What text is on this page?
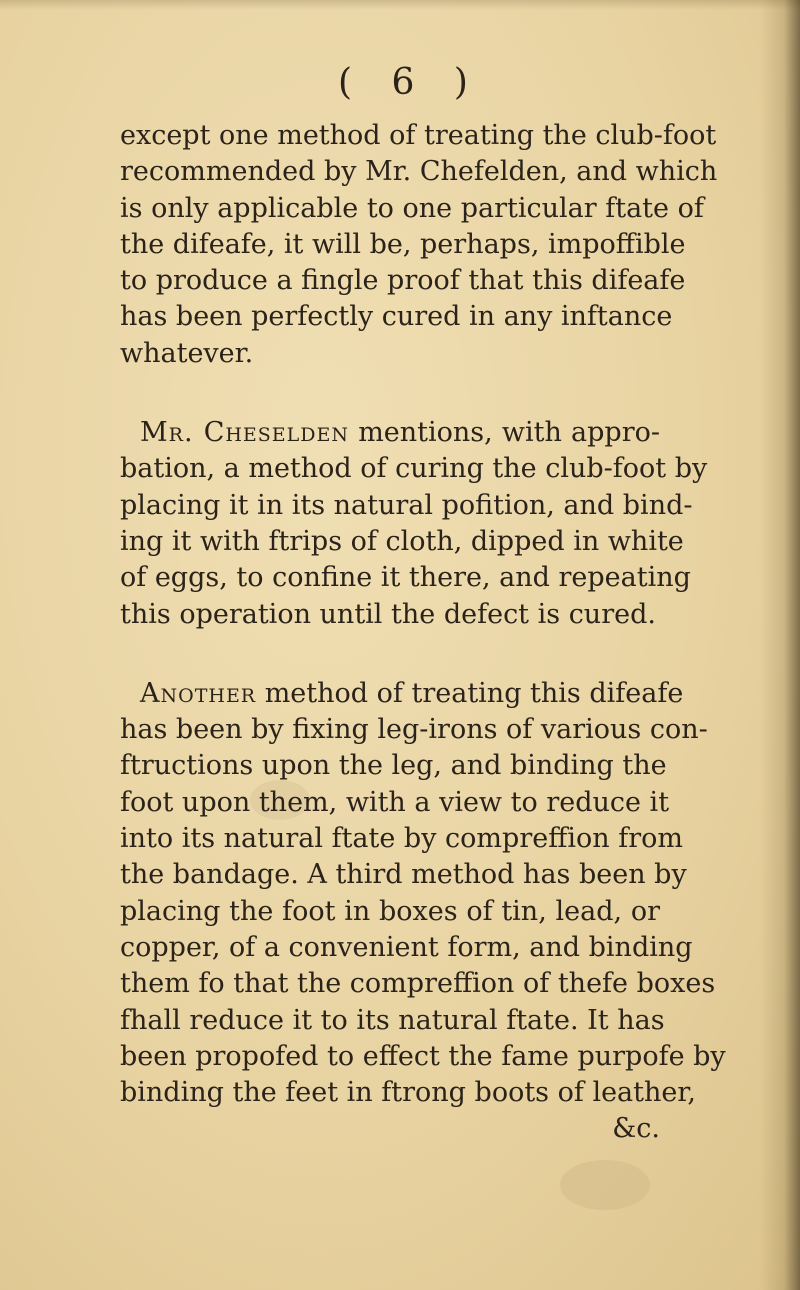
( 6 )

except one method of treating the club-foot
recommended by Mr. Chefelden, and which
is only applicable to one particular ftate of
the difeafe, it will be, perhaps, impoffible
to produce a fingle proof that this difeafe
has been perfectly cured in any inftance
whatever.

Mr. Cheselden mentions, with appro-
bation, a method of curing the club-foot by
placing it in its natural pofition, and bind-
ing it with ftrips of cloth, dipped in white
of eggs, to confine it there, and repeating
this operation until the defect is cured.

Another method of treating this difeafe
has been by fixing leg-irons of various con-
ftructions upon the leg, and binding the
foot upon them, with a view to reduce it
into its natural ftate by compreffion from
the bandage. A third method has been by
placing the foot in boxes of tin, lead, or
copper, of a convenient form, and binding
them fo that the compreffion of thefe boxes
fhall reduce it to its natural ftate. It has
been propofed to effect the fame purpofe by
binding the feet in ftrong boots of leather,
&c.
